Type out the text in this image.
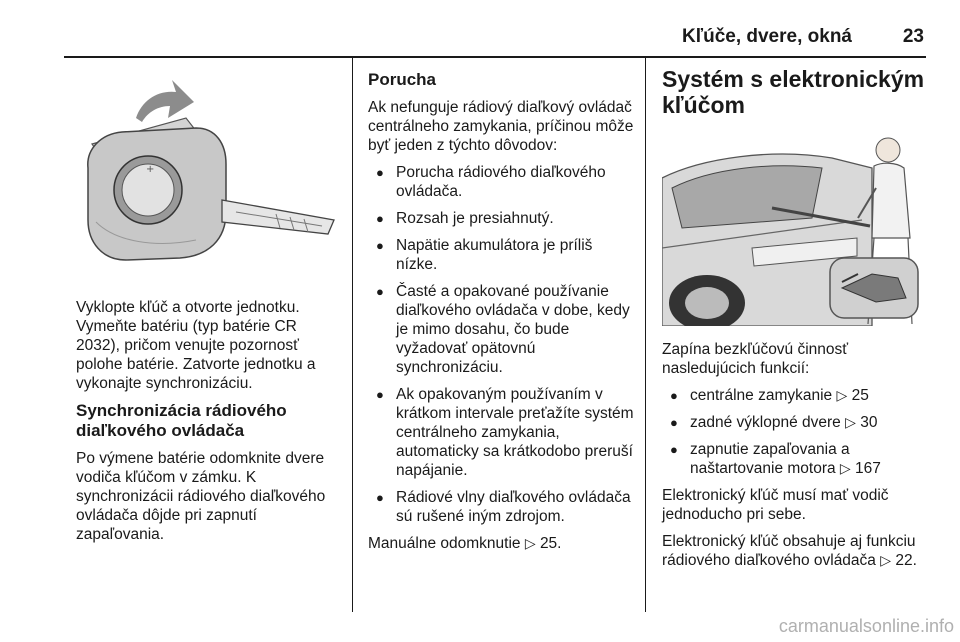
Kľúče, dvere, okná	23
+

Vyklopte kľúč a otvorte jednotku. Vymeňte batériu (typ batérie CR 2032), pričom venujte pozornosť polohe batérie. Zatvorte jednotku a vykonajte synchronizáciu.

Synchronizácia rádiového diaľkového ovládača

Po výmene batérie odomknite dvere vodiča kľúčom v zámku. K synchronizácii rádiového diaľkového ovládača dôjde pri zapnutí zapaľovania.

Porucha

Ak nefunguje rádiový diaľkový ovládač centrálneho zamykania, príčinou môže byť jeden z týchto dôvodov:

● Porucha rádiového diaľkového ovládača.
● Rozsah je presiahnutý.
● Napätie akumulátora je príliš nízke.
● Časté a opakované používanie diaľkového ovládača v dobe, kedy je mimo dosahu, čo bude vyžadovať opätovnú synchronizáciu.
● Ak opakovaným používaním v krátkom intervale preťažíte systém centrálneho zamykania, automaticky sa krátkodobo preruší napájanie.
● Rádiové vlny diaľkového ovládača sú rušené iným zdrojom.

Manuálne odomknutie ▷ 25.

Systém s elektronickým kľúčom

Zapína bezkľúčovú činnosť nasledujúcich funkcií:

● centrálne zamykanie ▷ 25
● zadné výklopné dvere ▷ 30
● zapnutie zapaľovania a naštartovanie motora ▷ 167

Elektronický kľúč musí mať vodič jednoducho pri sebe.

Elektronický kľúč obsahuje aj funkciu rádiového diaľkového ovládača ▷ 22.

carmanualsonline.info
